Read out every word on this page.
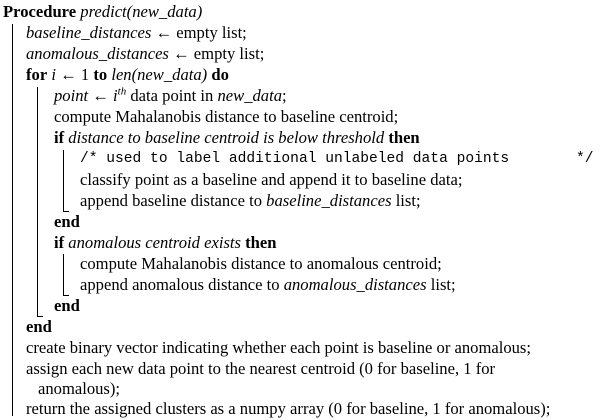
Procedure predict(new_data)
baseline_distances ← empty list;
anomalous_distances ← empty list;
for i ← 1 to len(new_data) do
point ← $i^{th}$ data point in new_data;
compute Mahalanobis distance to baseline centroid;
if distance to baseline centroid is below threshold then
/* used to label additional unlabeled data points	*/
classify point as a baseline and append it to baseline data;
append baseline distance to baseline_distances list;
end
if anomalous centroid exists then
compute Mahalanobis distance to anomalous centroid;
append anomalous distance to anomalous_distances list;
end
end
create binary vector indicating whether each point is baseline or anomalous;
assign each new data point to the nearest centroid (0 for baseline, 1 for
anomalous);
return the assigned clusters as a numpy array (0 for baseline, 1 for anomalous);
